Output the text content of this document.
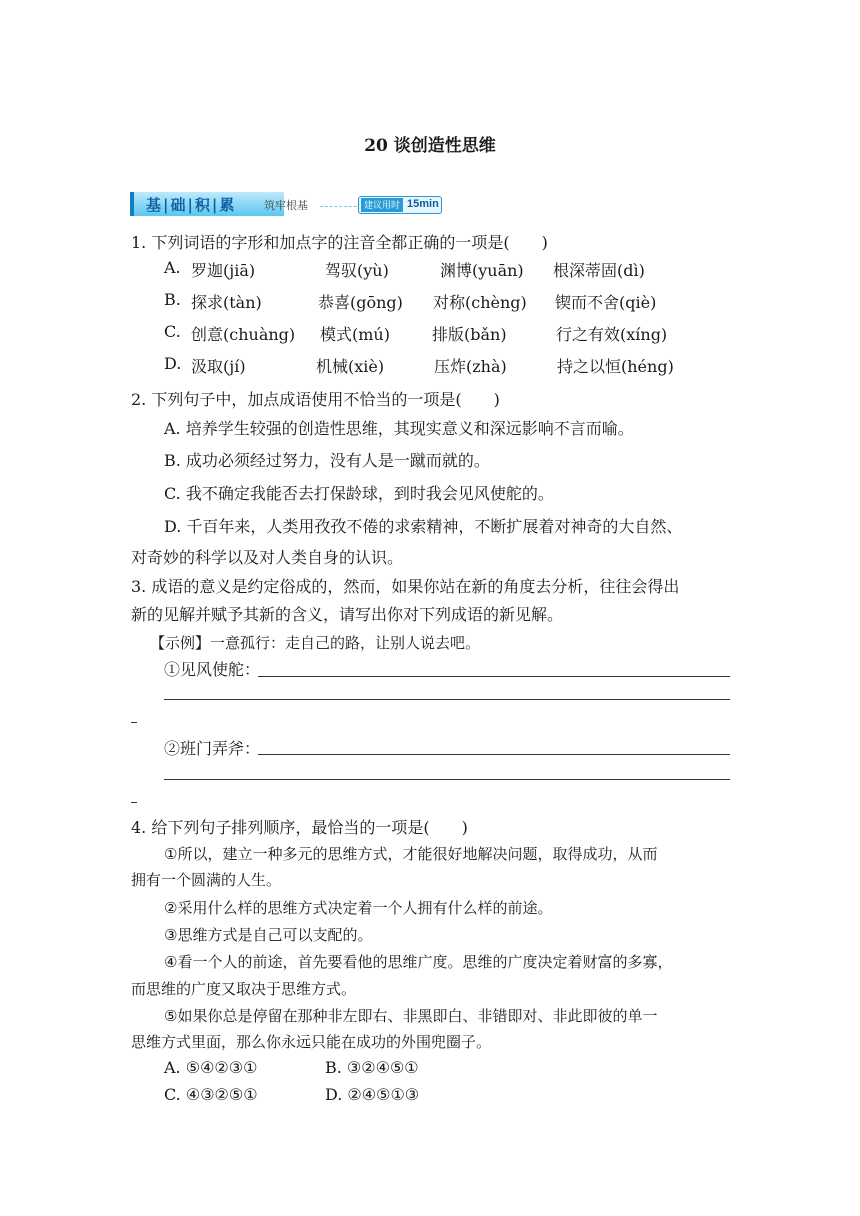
20 谈创造性思维
基|础|积|累	筑牢根基	建议用时 15min
1. 下列词语的字形和加点字的注音全都正确的一项是(　　)
A. 罗迦(jiā)	驾驭(yù)	渊博(yuān) 根深蒂固(dì)
B. 探求(tàn)	恭喜(gōng) 对称(chèng) 锲而不舍(qiè)
C. 创意(chuàng) 模式(mú)	排版(bǎn)	行之有效(xíng)
D. 汲取(jí)	机械(xiè)	压炸(zhà)	持之以恒(héng)
2. 下列句子中，加点成语使用不恰当的一项是(　　)
A. 培养学生较强的创造性思维，其现实意义和深远影响不言而喻。
B. 成功必须经过努力，没有人是一蹴而就的。
C. 我不确定我能否去打保龄球，到时我会见风使舵的。
D. 千百年来，人类用孜孜不倦的求索精神，不断扩展着对神奇的大自然、
对奇妙的科学以及对人类自身的认识。
3. 成语的意义是约定俗成的，然而，如果你站在新的角度去分析，往往会得出
新的见解并赋予其新的含义，请写出你对下列成语的新见解。
【示例】一意孤行：走自己的路，让别人说去吧。
①见风使舵：
②班门弄斧：
4. 给下列句子排列顺序，最恰当的一项是(　　)
①所以，建立一种多元的思维方式，才能很好地解决问题，取得成功，从而
拥有一个圆满的人生。
②采用什么样的思维方式决定着一个人拥有什么样的前途。
③思维方式是自己可以支配的。
④看一个人的前途，首先要看他的思维广度。思维的广度决定着财富的多寡，
而思维的广度又取决于思维方式。
⑤如果你总是停留在那种非左即右、非黑即白、非错即对、非此即彼的单一
思维方式里面，那么你永远只能在成功的外围兜圈子。
A. ⑤④②③①	B. ③②④⑤①
C. ④③②⑤①	D. ②④⑤①③
